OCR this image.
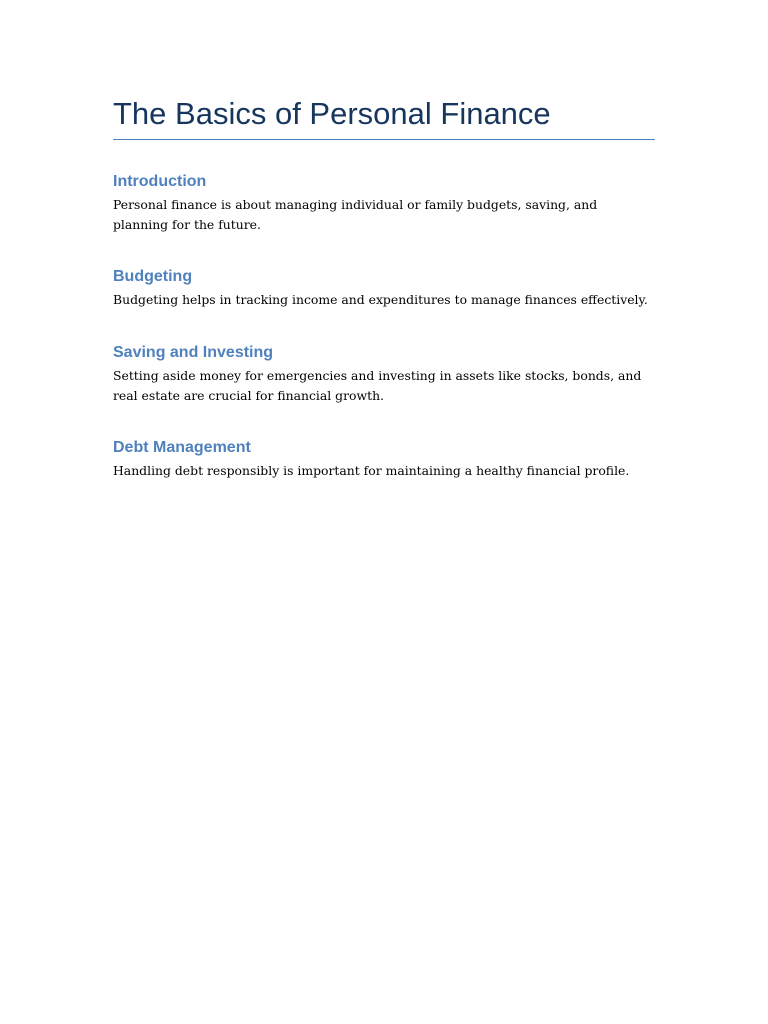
The Basics of Personal Finance
Introduction

Personal finance is about managing individual or family budgets, saving, and planning for the future.

Budgeting

Budgeting helps in tracking income and expenditures to manage finances effectively.

Saving and Investing

Setting aside money for emergencies and investing in assets like stocks, bonds, and real estate are crucial for financial growth.

Debt Management

Handling debt responsibly is important for maintaining a healthy financial profile.
